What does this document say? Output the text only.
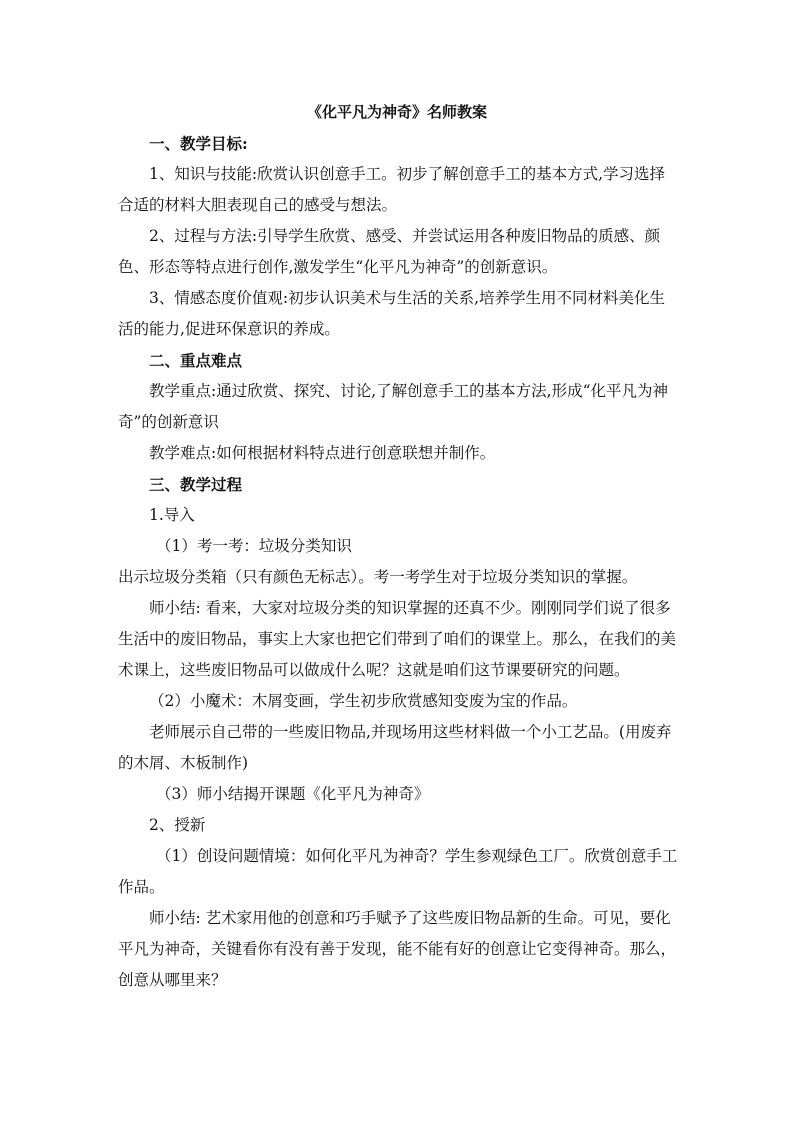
《化平凡为神奇》名师教案

一、教学目标:

1、知识与技能:欣赏认识创意手工。初步了解创意手工的基本方式,学习选择合适的材料大胆表现自己的感受与想法。

2、过程与方法:引导学生欣赏、感受、并尝试运用各种废旧物品的质感、颜色、形态等特点进行创作,激发学生“化平凡为神奇”的创新意识。

3、情感态度价值观:初步认识美术与生活的关系,培养学生用不同材料美化生活的能力,促进环保意识的养成。

二、重点难点

教学重点:通过欣赏、探究、讨论,了解创意手工的基本方法,形成“化平凡为神奇”的创新意识

教学难点:如何根据材料特点进行创意联想并制作。

三、教学过程

1.导入

（1）考一考：垃圾分类知识

出示垃圾分类箱（只有颜色无标志）。考一考学生对于垃圾分类知识的掌握。

师小结: 看来，大家对垃圾分类的知识掌握的还真不少。刚刚同学们说了很多生活中的废旧物品，事实上大家也把它们带到了咱们的课堂上。那么，在我们的美术课上，这些废旧物品可以做成什么呢？这就是咱们这节课要研究的问题。

（2）小魔术：木屑变画，学生初步欣赏感知变废为宝的作品。

老师展示自己带的一些废旧物品,并现场用这些材料做一个小工艺品。(用废弃的木屑、木板制作)

（3）师小结揭开课题《化平凡为神奇》

2、授新

（1）创设问题情境：如何化平凡为神奇？学生参观绿色工厂。欣赏创意手工作品。

师小结: 艺术家用他的创意和巧手赋予了这些废旧物品新的生命。可见，要化平凡为神奇，关键看你有没有善于发现，能不能有好的创意让它变得神奇。那么，创意从哪里来？
